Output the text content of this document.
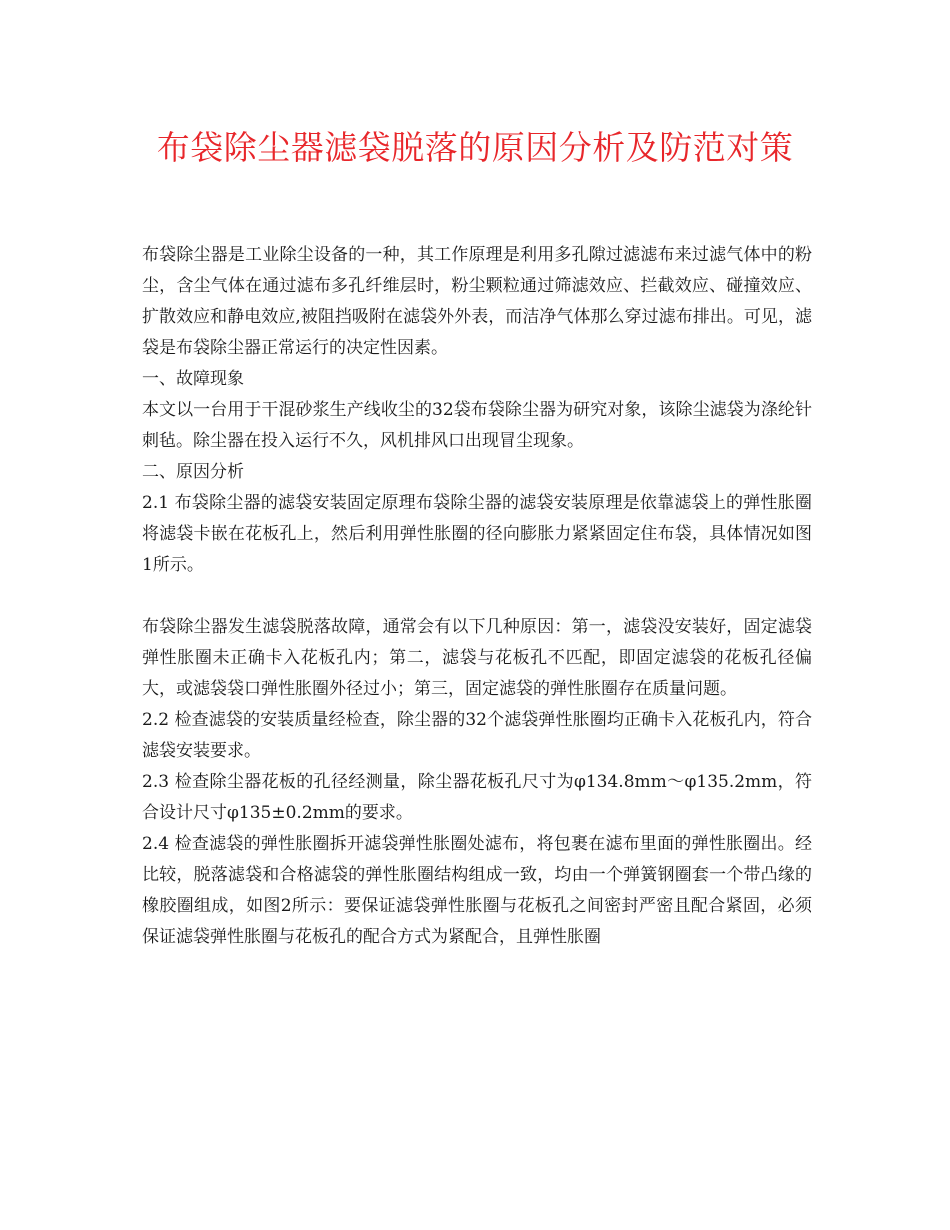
布袋除尘器滤袋脱落的原因分析及防范对策

布袋除尘器是工业除尘设备的一种，其工作原理是利用多孔隙过滤滤布来过滤气体中的粉尘，含尘气体在通过滤布多孔纤维层时，粉尘颗粒通过筛滤效应、拦截效应、碰撞效应、扩散效应和静电效应,被阻挡吸附在滤袋外外表，而洁净气体那么穿过滤布排出。可见，滤袋是布袋除尘器正常运行的决定性因素。

一、故障现象

本文以一台用于干混砂浆生产线收尘的32袋布袋除尘器为研究对象，该除尘滤袋为涤纶针刺毡。除尘器在投入运行不久，风机排风口出现冒尘现象。

二、原因分析

2.1 布袋除尘器的滤袋安装固定原理布袋除尘器的滤袋安装原理是依靠滤袋上的弹性胀圈将滤袋卡嵌在花板孔上，然后利用弹性胀圈的径向膨胀力紧紧固定住布袋，具体情况如图1所示。

布袋除尘器发生滤袋脱落故障，通常会有以下几种原因：第一，滤袋没安装好，固定滤袋弹性胀圈未正确卡入花板孔内；第二，滤袋与花板孔不匹配，即固定滤袋的花板孔径偏大，或滤袋袋口弹性胀圈外径过小；第三，固定滤袋的弹性胀圈存在质量问题。

2.2 检查滤袋的安装质量经检查，除尘器的32个滤袋弹性胀圈均正确卡入花板孔内，符合滤袋安装要求。

2.3 检查除尘器花板的孔径经测量，除尘器花板孔尺寸为φ134.8mm～φ135.2mm，符合设计尺寸φ135±0.2mm的要求。

2.4 检查滤袋的弹性胀圈拆开滤袋弹性胀圈处滤布，将包裹在滤布里面的弹性胀圈出。经比较，脱落滤袋和合格滤袋的弹性胀圈结构组成一致，均由一个弹簧钢圈套一个带凸缘的橡胶圈组成，如图2所示：要保证滤袋弹性胀圈与花板孔之间密封严密且配合紧固，必须保证滤袋弹性胀圈与花板孔的配合方式为紧配合，且弹性胀圈
